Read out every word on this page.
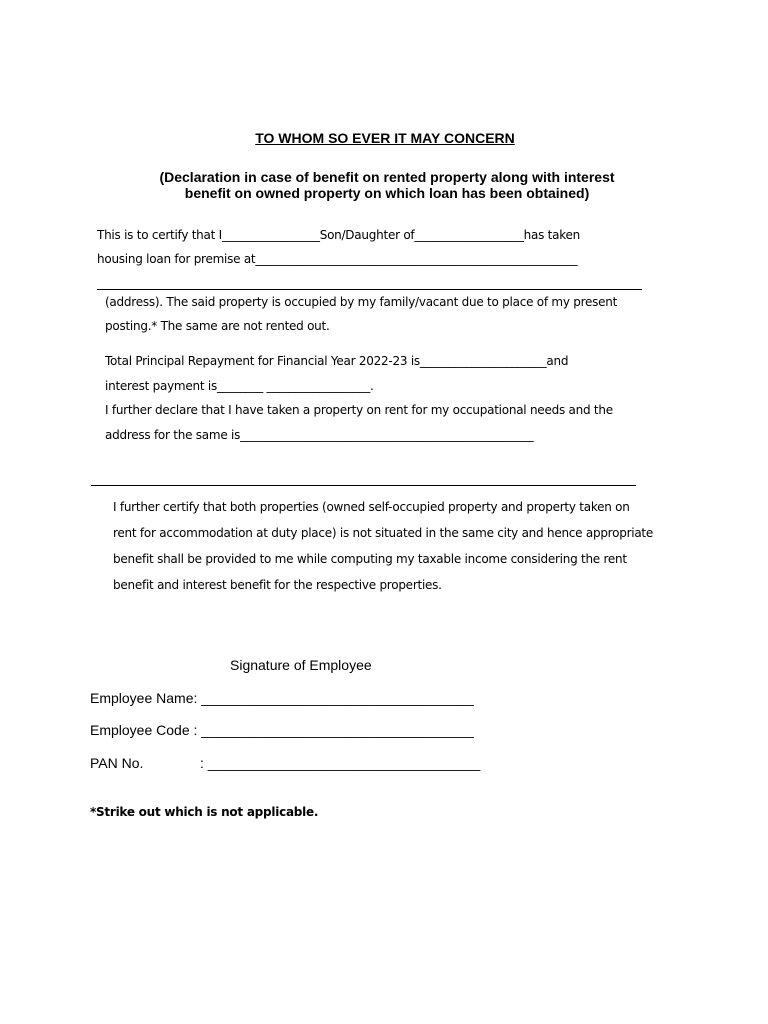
TO WHOM SO EVER IT MAY CONCERN
(Declaration in case of benefit on rented property along with interest
benefit on owned property on which loan has been obtained)
This is to certify that I_________________Son/Daughter of___________________has taken
housing loan for premise at________________________________________________________
(address). The said property is occupied by my family/vacant due to place of my present
posting.* The same are not rented out.
Total Principal Repayment for Financial Year 2022-23 is______________________and
interest payment is________ __________________.
I further declare that I have taken a property on rent for my occupational needs and the
address for the same is___________________________________________________
I further certify that both properties (owned self-occupied property and property taken on
rent for accommodation at duty place) is not situated in the same city and hence appropriate
benefit shall be provided to me while computing my taxable income considering the rent
benefit and interest benefit for the respective properties.
Signature of Employee
Employee Name: ___________________________________
Employee Code : ___________________________________
PAN No.	: ___________________________________
*Strike out which is not applicable.
